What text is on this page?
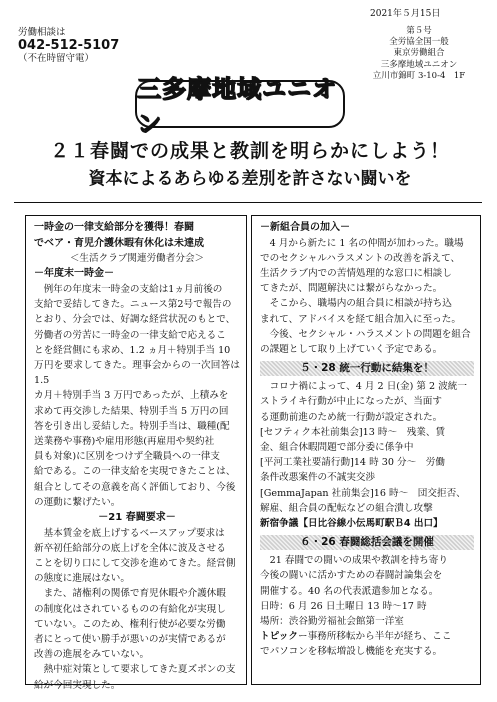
2021年５月15日
労働相談は
042-512-5107
（不在時留守電）
三多摩地域ユニオン
第５号
全労協全国一般
東京労働組合
三多摩地域ユニオン
立川市錦町 3-10-4　1F
２１春闘での成果と教訓を明らかにしよう！
資本によるあらゆる差別を許さない闘いを
一時金の一律支給部分を獲得！春闘
でベア・育児介護休暇有休化は未達成
＜生活クラブ関連労働者分会＞
－年度末一時金－

例年の年度末一時金の支給は1ヵ月前後の

支給で妥結してきた。ニュース第2号で報告の

とおり、分会では、好調な経営状況のもとで、

労働者の労苦に一時金の一律支給で応えるこ

とを経営側にも求め、1.2 ヵ月＋特別手当 10

万円を要求してきた。理事会からの一次回答は 1.5

カ月＋特別手当 3 万円であったが、上積みを

求めて再交渉した結果、特別手当 5 万円の回

答を引き出し妥結した。特別手当は、職種(配

送業務や事務)や雇用形態(再雇用や契約社

員も対象)に区別をつけず全職員への一律支

給である。この一律支給を実現できたことは、

組合としてその意義を高く評価しており、今後

の運動に繋げたい。

－21 春闘要求－

基本賃金を底上げするベースアップ要求は

新卒初任給部分の底上げを全体に波及させる

ことを切り口にして交渉を進めてきた。経営側

の態度に進展はない。

また、諸権利の関係で育児休暇や介護休暇

の制度化はされているものの有給化が実現し

ていない。このため、権利行使が必要な労働

者にとって使い勝手が悪いのが実情であるが

改善の進展をみていない。

熱中症対策として要求してきた夏ズボンの支

給が今回実現した。

－新組合員の加入－

4 月から新たに 1 名の仲間が加わった。職場

でのセクシャルハラスメントの改善を訴えて、

生活クラブ内での苦情処理的な窓口に相談し

てきたが、問題解決には繋がらなかった。

そこから、職場内の組合員に相談が持ち込

まれて、アドバイスを経て組合加入に至った。

今後、セクシャル・ハラスメントの問題を組合

の課題として取り上げていく予定である。

５・28 統一行動に結集を！

コロナ禍によって、4 月 2 日(金) 第 2 波統一

ストライキ行動が中止になったが、当面す

る運動前進のため統一行動が設定された。

[セフティク本社前集会]13 時～　残業、賃

金、組合休暇問題で部分委に係争中

[平河工業社要請行動]14 時 30 分～　労働

条件改悪案件の不誠実交渉

[GemmaJapan 社前集会]16 時～　団交拒否、

解雇、組合員の配転などの組合潰し攻撃

新宿争議【日比谷線小伝馬町駅Ｂ4 出口】

６・26 春闘総括会議を開催

21 春闘での闘いの成果や教訓を持ち寄り

今後の闘いに活かすための春闘討論集会を

開催する。40 名の代表派遣参加となる。

日時：6 月 26 日土曜日 13 時～17 時

場所：渋谷勤労福祉会館第一洋室

トピックー事務所移転から半年が経ち、ここ

でパソコンを移転増設し機能を充実する。
